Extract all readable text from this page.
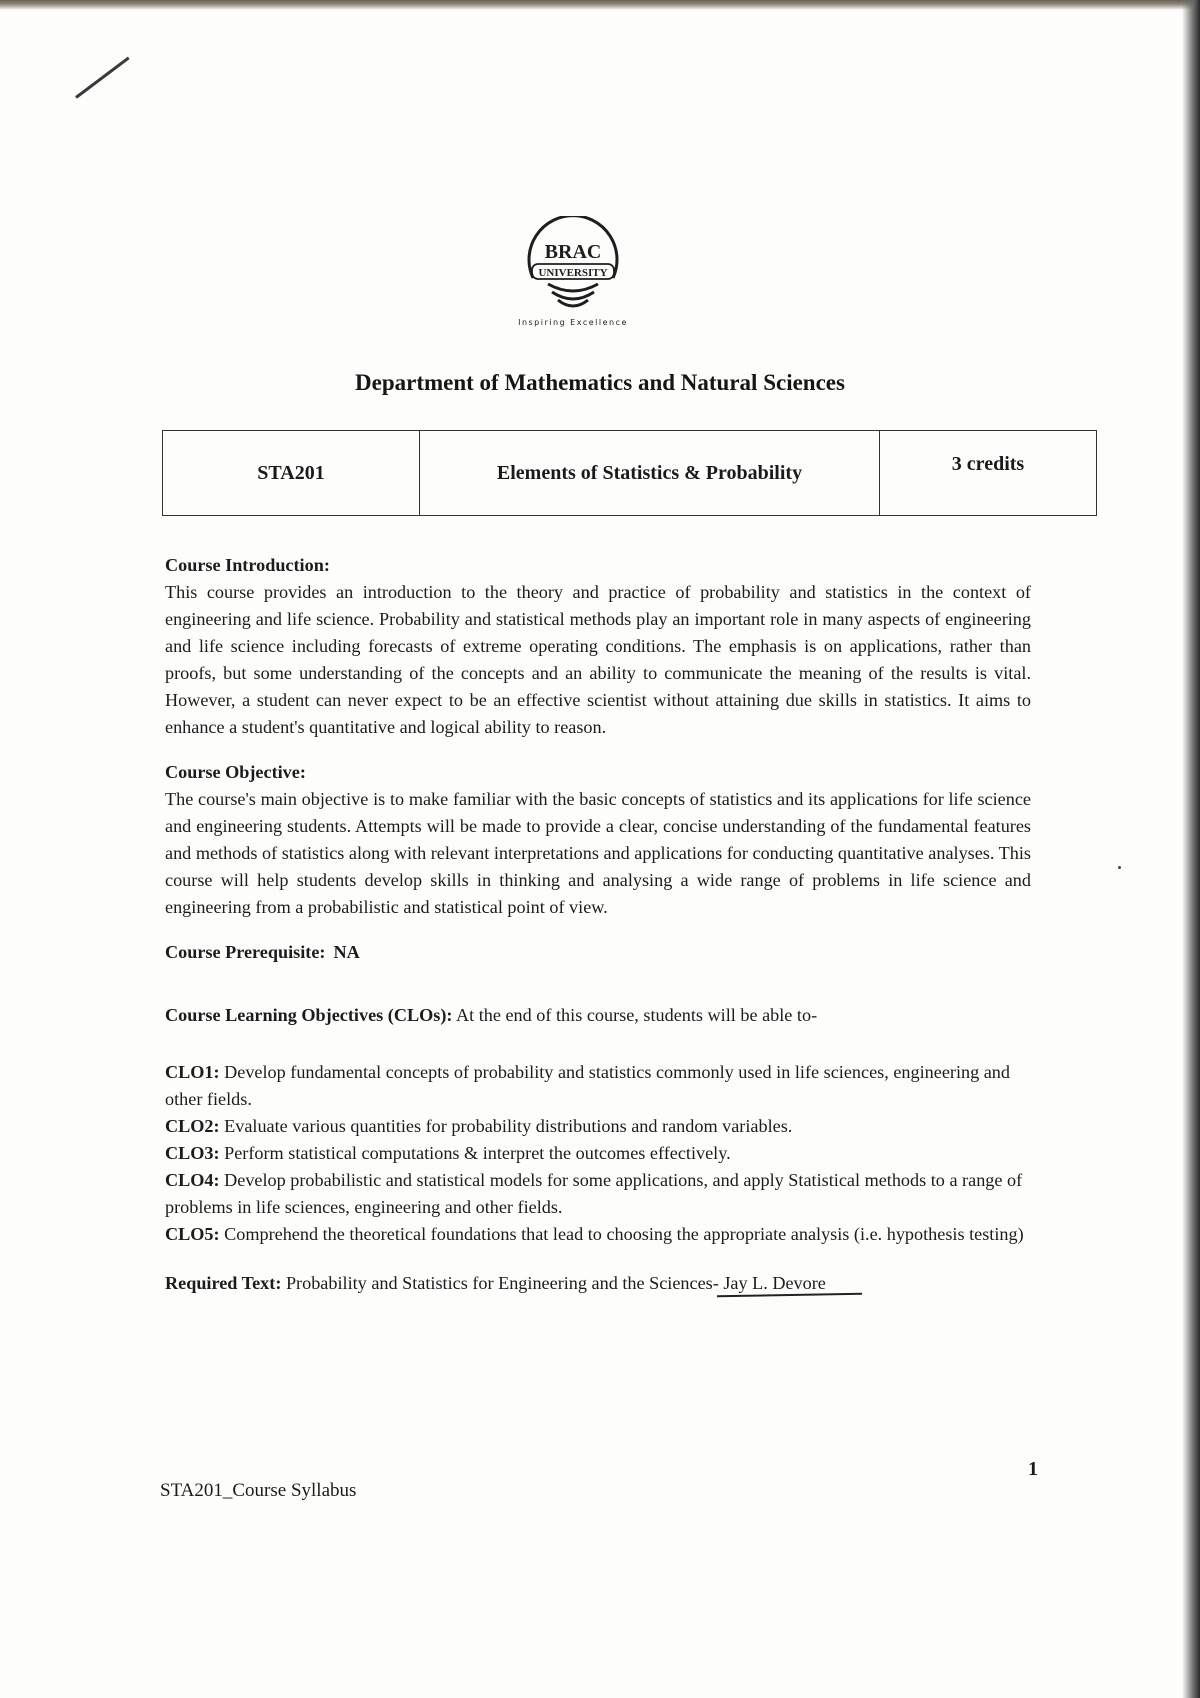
BRAC
UNIVERSITY
Inspiring Excellence
Department of Mathematics and Natural Sciences
STA201	Elements of Statistics & Probability	3 credits
Course Introduction:

This course provides an introduction to the theory and practice of probability and statistics in the context of engineering and life science. Probability and statistical methods play an important role in many aspects of engineering and life science including forecasts of extreme operating conditions. The emphasis is on applications, rather than proofs, but some understanding of the concepts and an ability to communicate the meaning of the results is vital. However, a student can never expect to be an effective scientist without attaining due skills in statistics. It aims to enhance a student's quantitative and logical ability to reason.

Course Objective:

The course's main objective is to make familiar with the basic concepts of statistics and its applications for life science and engineering students. Attempts will be made to provide a clear, concise understanding of the fundamental features and methods of statistics along with relevant interpretations and applications for conducting quantitative analyses. This course will help students develop skills in thinking and analysing a wide range of problems in life science and engineering from a probabilistic and statistical point of view.

Course Prerequisite: NA
Course Learning Objectives (CLOs): At the end of this course, students will be able to-

CLO1: Develop fundamental concepts of probability and statistics commonly used in life sciences, engineering and other fields.

CLO2: Evaluate various quantities for probability distributions and random variables.

CLO3: Perform statistical computations & interpret the outcomes effectively.

CLO4: Develop probabilistic and statistical models for some applications, and apply Statistical methods to a range of problems in life sciences, engineering and other fields.

CLO5: Comprehend the theoretical foundations that lead to choosing the appropriate analysis (i.e. hypothesis testing)

Required Text: Probability and Statistics for Engineering and the Sciences- Jay L. Devore
1
STA201_Course Syllabus
